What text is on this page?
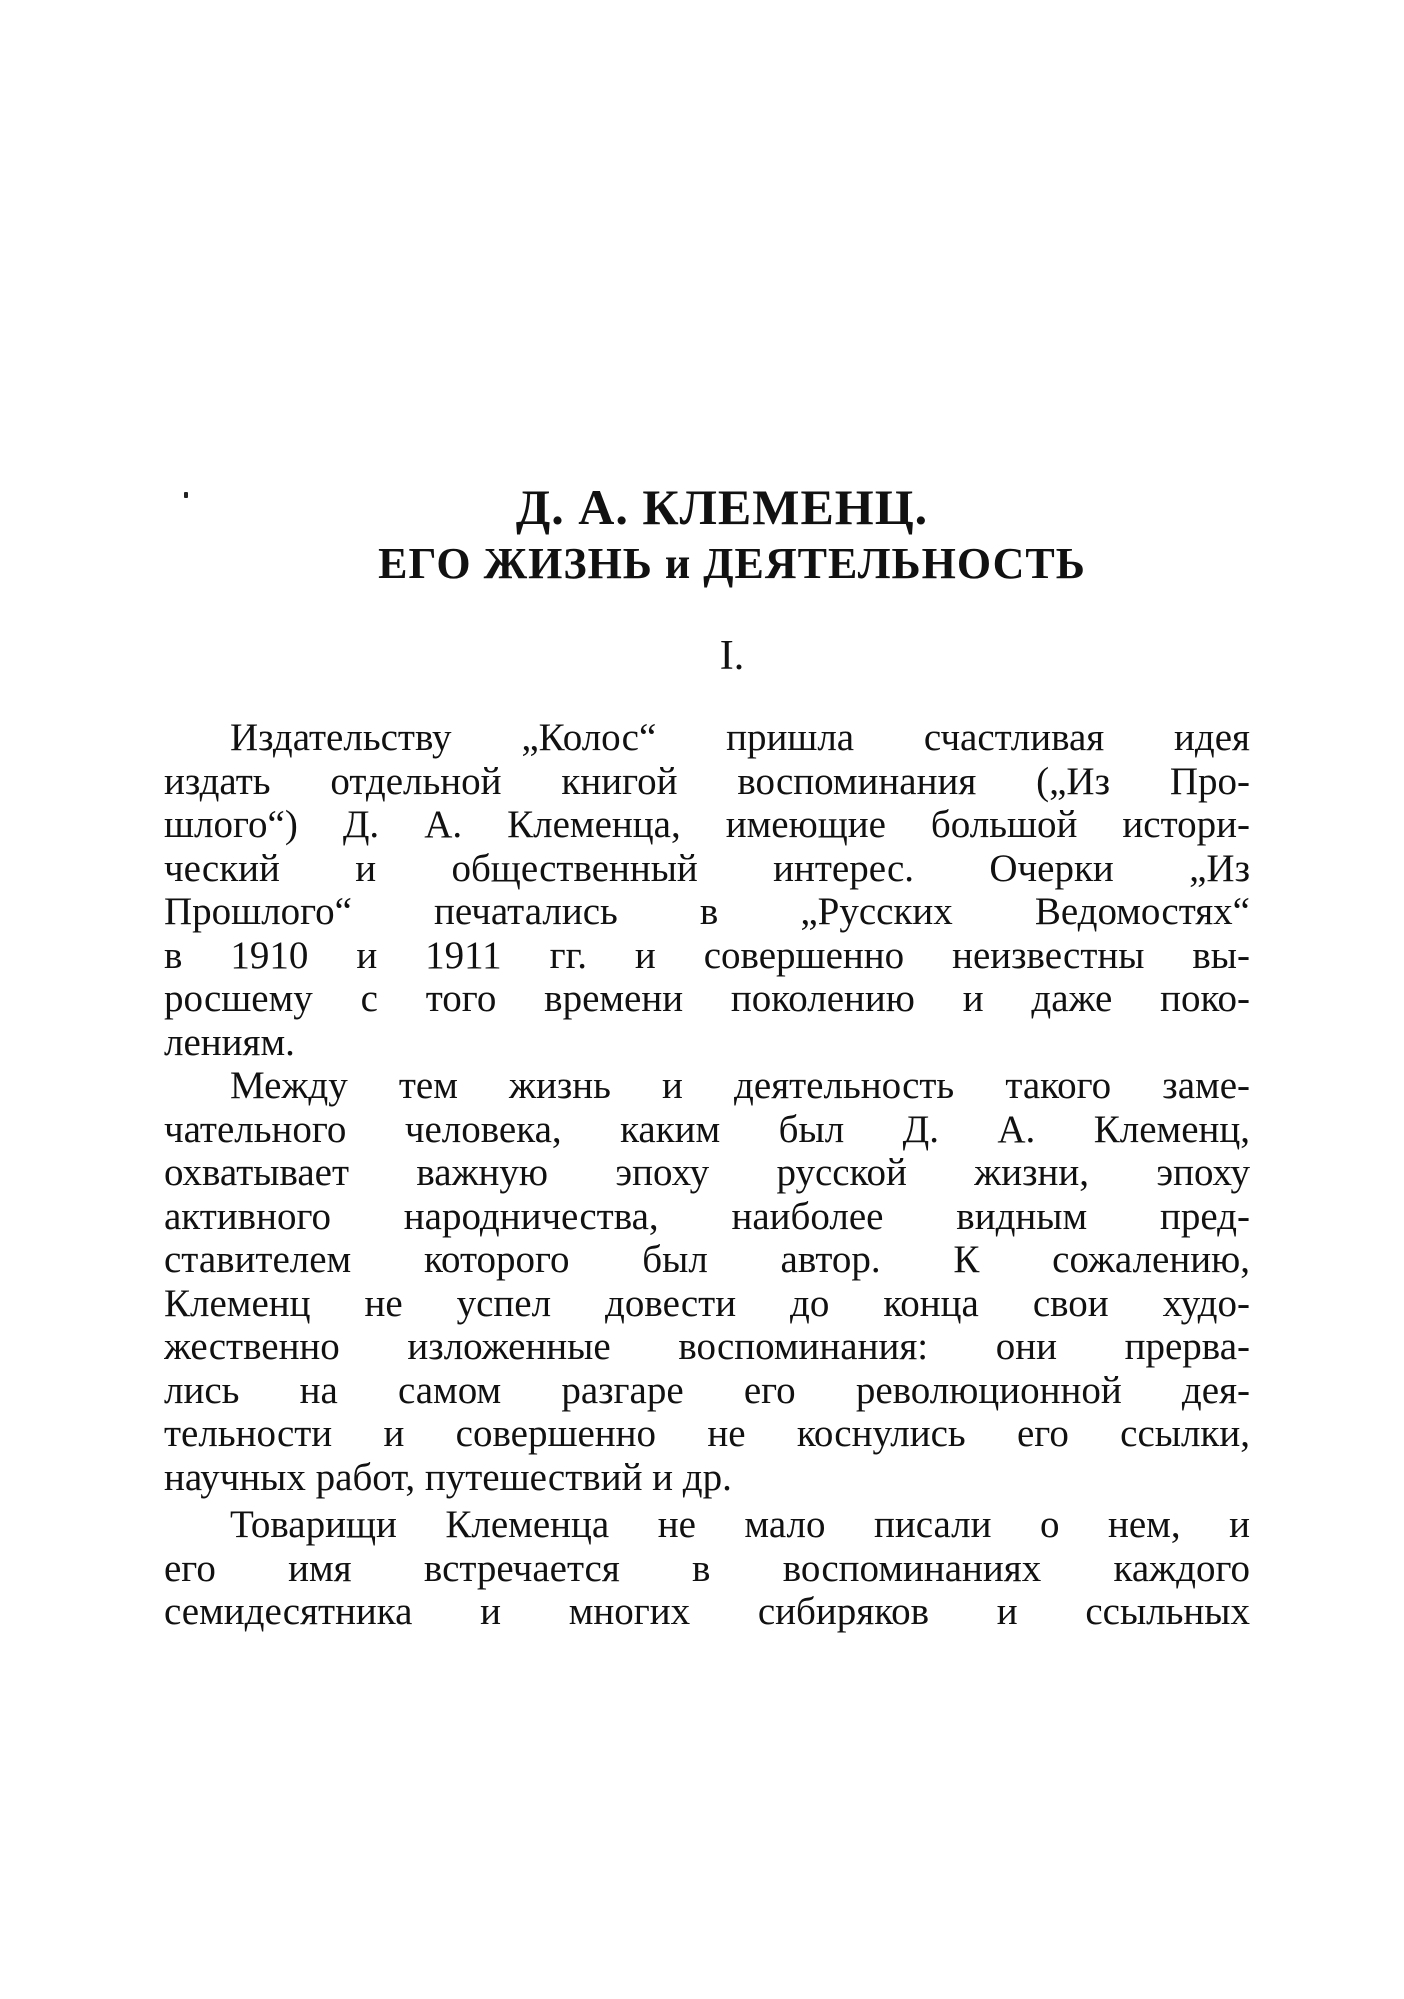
Д. А. КЛЕМЕНЦ.
ЕГО ЖИЗНЬ и ДЕЯТЕЛЬНОСТЬ
I.
Издательству „Колос“ пришла счастливая идея
издать отдельной книгой воспоминания („Из Про-
шлого“) Д. А. Клеменца, имеющие большой истори-
ческий и общественный интерес. Очерки „Из
Прошлого“ печатались в „Русских Ведомостях“
в 1910 и 1911 гг. и совершенно неизвестны вы-
росшему с того времени поколению и даже поко-
лениям.
Между тем жизнь и деятельность такого заме-
чательного человека, каким был Д. А. Клеменц,
охватывает важную эпоху русской жизни, эпоху
активного народничества, наиболее видным пред-
ставителем которого был автор. К сожалению,
Клеменц не успел довести до конца свои худо-
жественно изложенные воспоминания: они прерва-
лись на самом разгаре его революционной дея-
тельности и совершенно не коснулись его ссылки,
научных работ, путешествий и др.
Товарищи Клеменца не мало писали о нем, и
его имя встречается в воспоминаниях каждого
семидесятника и многих сибиряков и ссыльных
